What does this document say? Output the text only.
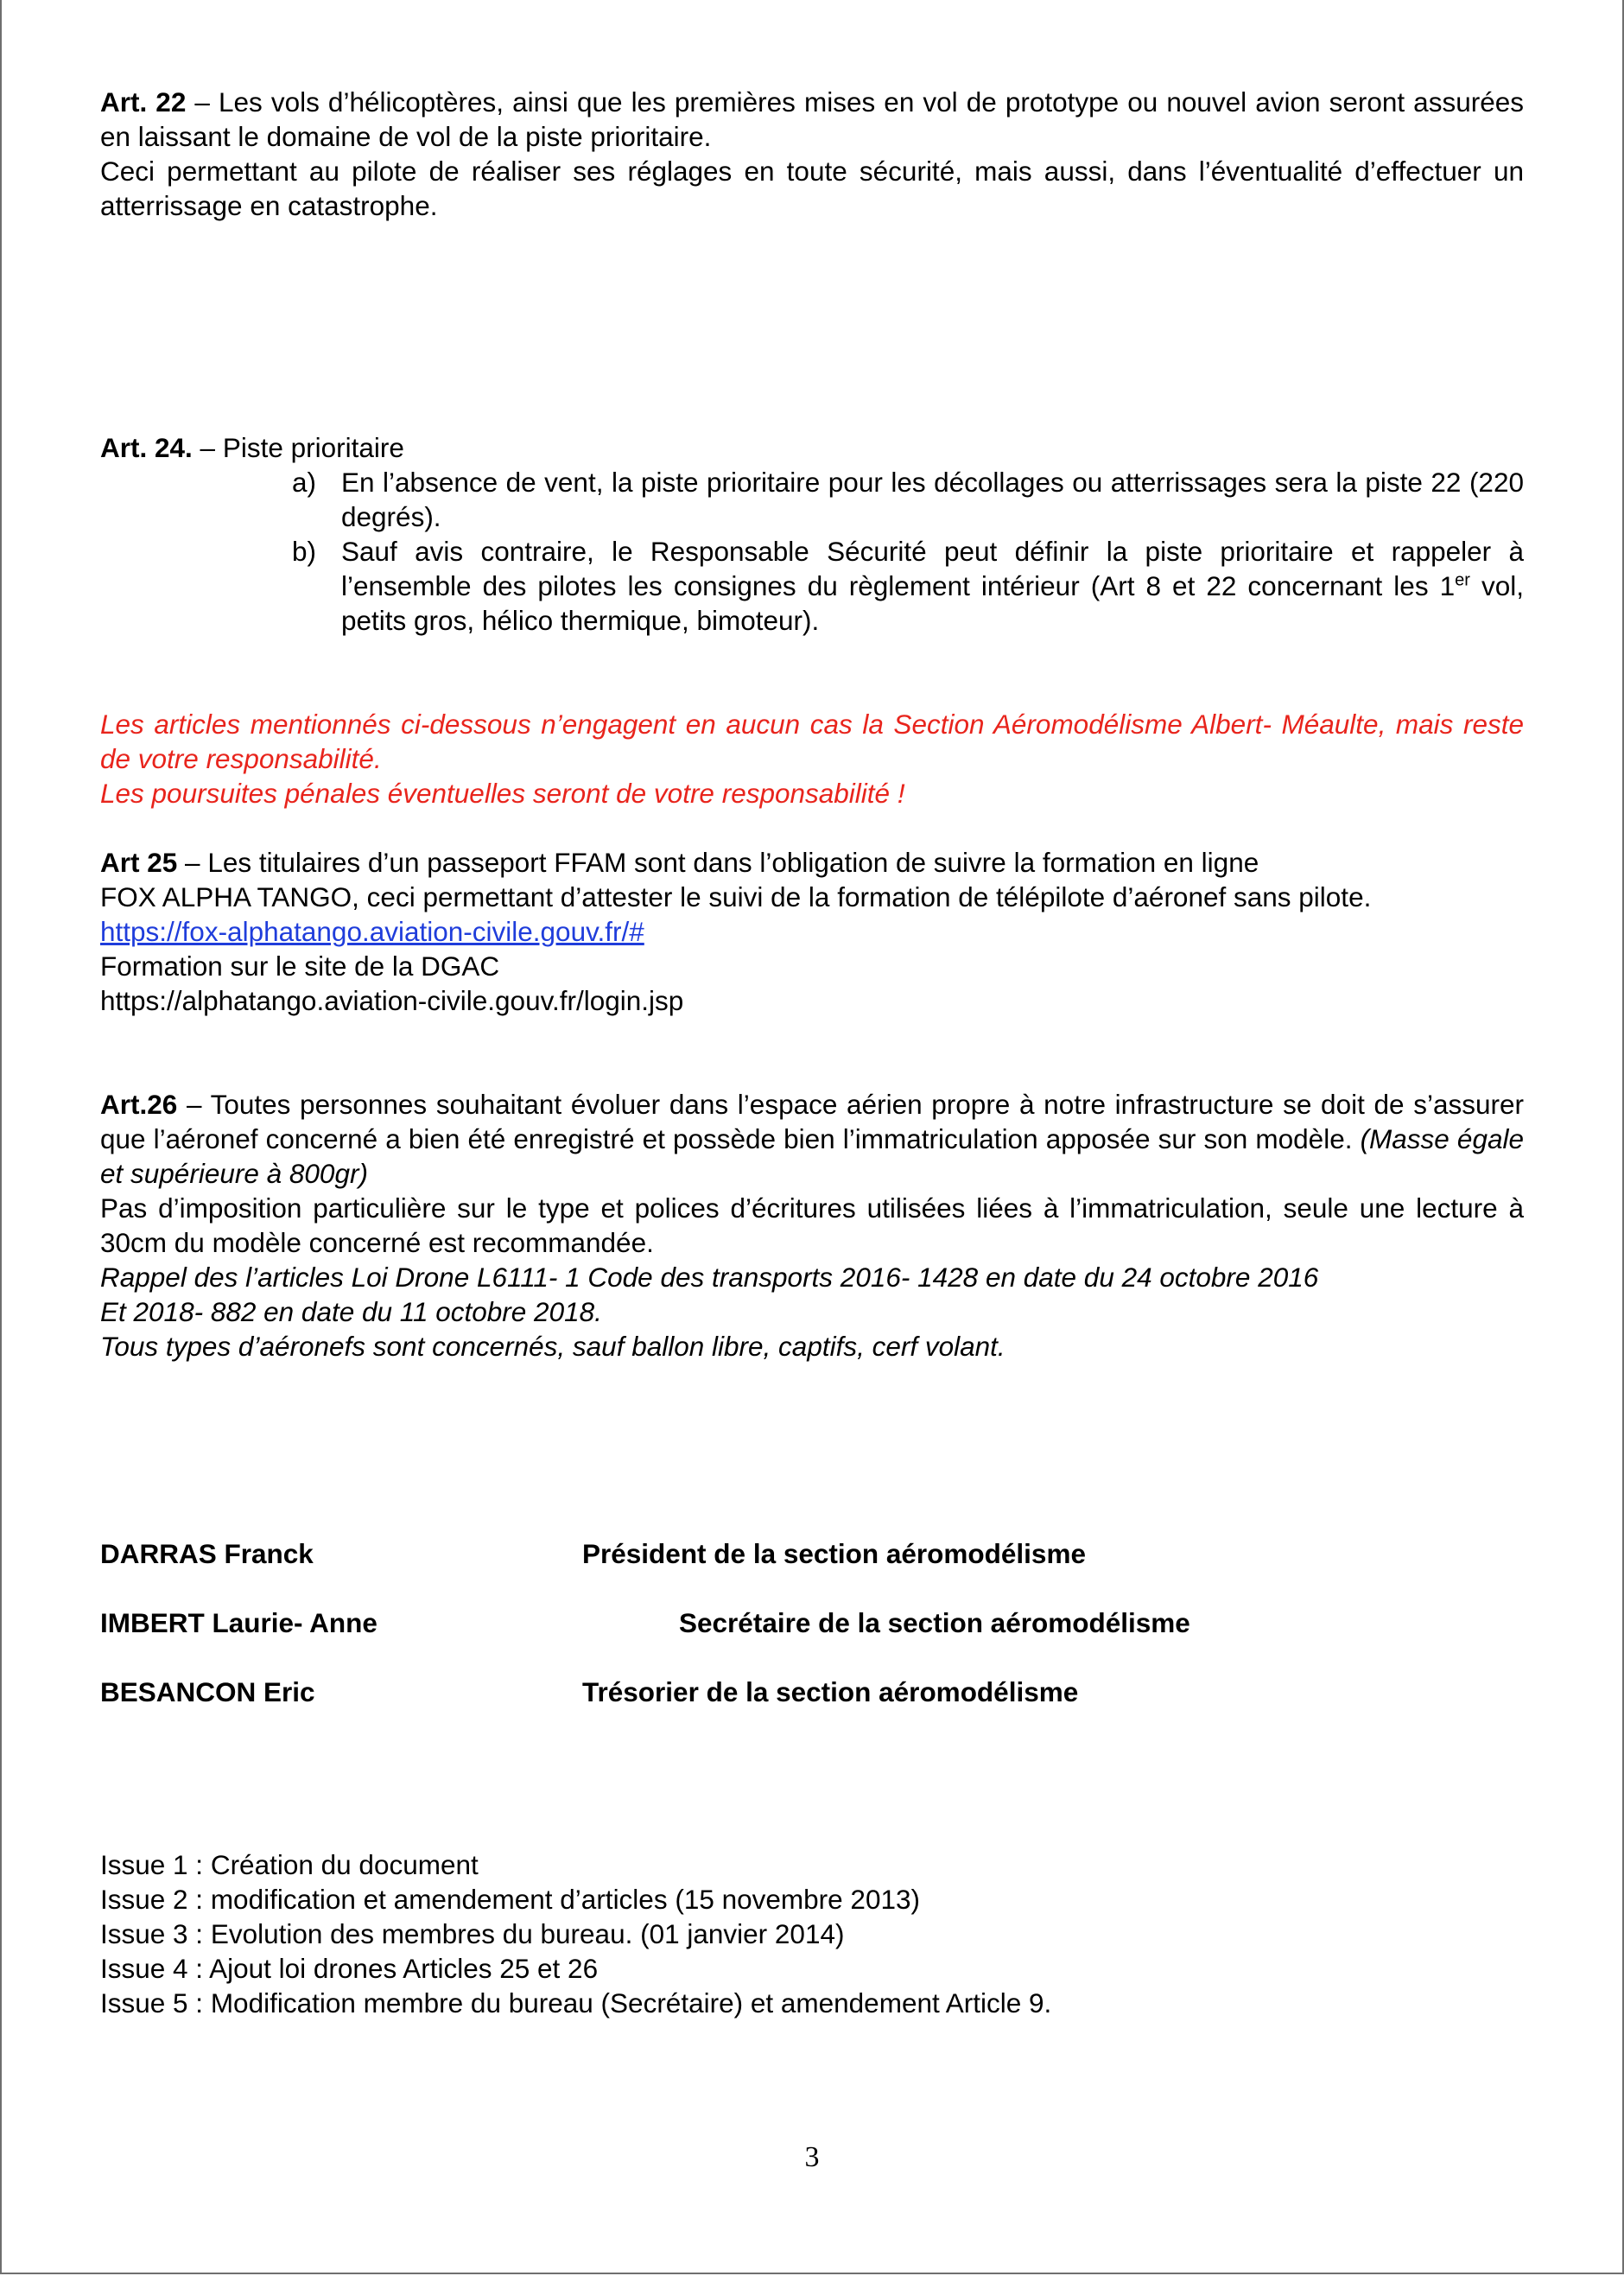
Art. 22 – Les vols d’hélicoptères, ainsi que les premières mises en vol de prototype ou nouvel avion seront assurées en laissant le domaine de vol de la piste prioritaire.
Ceci permettant au pilote de réaliser ses réglages en toute sécurité, mais aussi, dans l’éventualité d’effectuer un atterrissage en catastrophe.
Art. 24. – Piste prioritaire
a) En l’absence de vent, la piste prioritaire pour les décollages ou atterrissages sera la piste 22 (220 degrés).
b) Sauf avis contraire, le Responsable Sécurité peut définir la piste prioritaire et rappeler à l’ensemble des pilotes les consignes du règlement intérieur (Art 8 et 22 concernant les 1er vol, petits gros, hélico thermique, bimoteur).
Les articles mentionnés ci-dessous n’engagent en aucun cas la Section Aéromodélisme Albert- Méaulte, mais reste de votre responsabilité.
Les poursuites pénales éventuelles seront de votre responsabilité !
Art 25 – Les titulaires d’un passeport FFAM sont dans l’obligation de suivre la formation en ligne
FOX ALPHA TANGO, ceci permettant d’attester le suivi de la formation de télépilote d’aéronef sans pilote. https://fox-alphatango.aviation-civile.gouv.fr/#
Formation sur le site de la DGAC
https://alphatango.aviation-civile.gouv.fr/login.jsp
Art.26 – Toutes personnes souhaitant évoluer dans l’espace aérien propre à notre infrastructure se doit de s’assurer que l’aéronef concerné a bien été enregistré et possède bien l’immatriculation apposée sur son modèle. (Masse égale et supérieure à 800gr)
Pas d’imposition particulière sur le type et polices d’écritures utilisées liées à l’immatriculation, seule une lecture à 30cm du modèle concerné est recommandée.
Rappel des l’articles Loi Drone L6111- 1 Code des transports 2016- 1428 en date du 24 octobre 2016
Et 2018- 882 en date du 11 octobre 2018.
Tous types d’aéronefs sont concernés, sauf ballon libre, captifs, cerf volant.
DARRAS Franck	Président de la section aéromodélisme
IMBERT Laurie- Anne	Secrétaire de la section aéromodélisme
BESANCON Eric	Trésorier de la section aéromodélisme
Issue 1 : Création du document
Issue 2 : modification et amendement d’articles (15 novembre 2013)
Issue 3 : Evolution des membres du bureau. (01 janvier 2014)
Issue 4 : Ajout loi drones Articles 25 et 26
Issue 5 : Modification membre du bureau (Secrétaire) et amendement Article 9.
3
